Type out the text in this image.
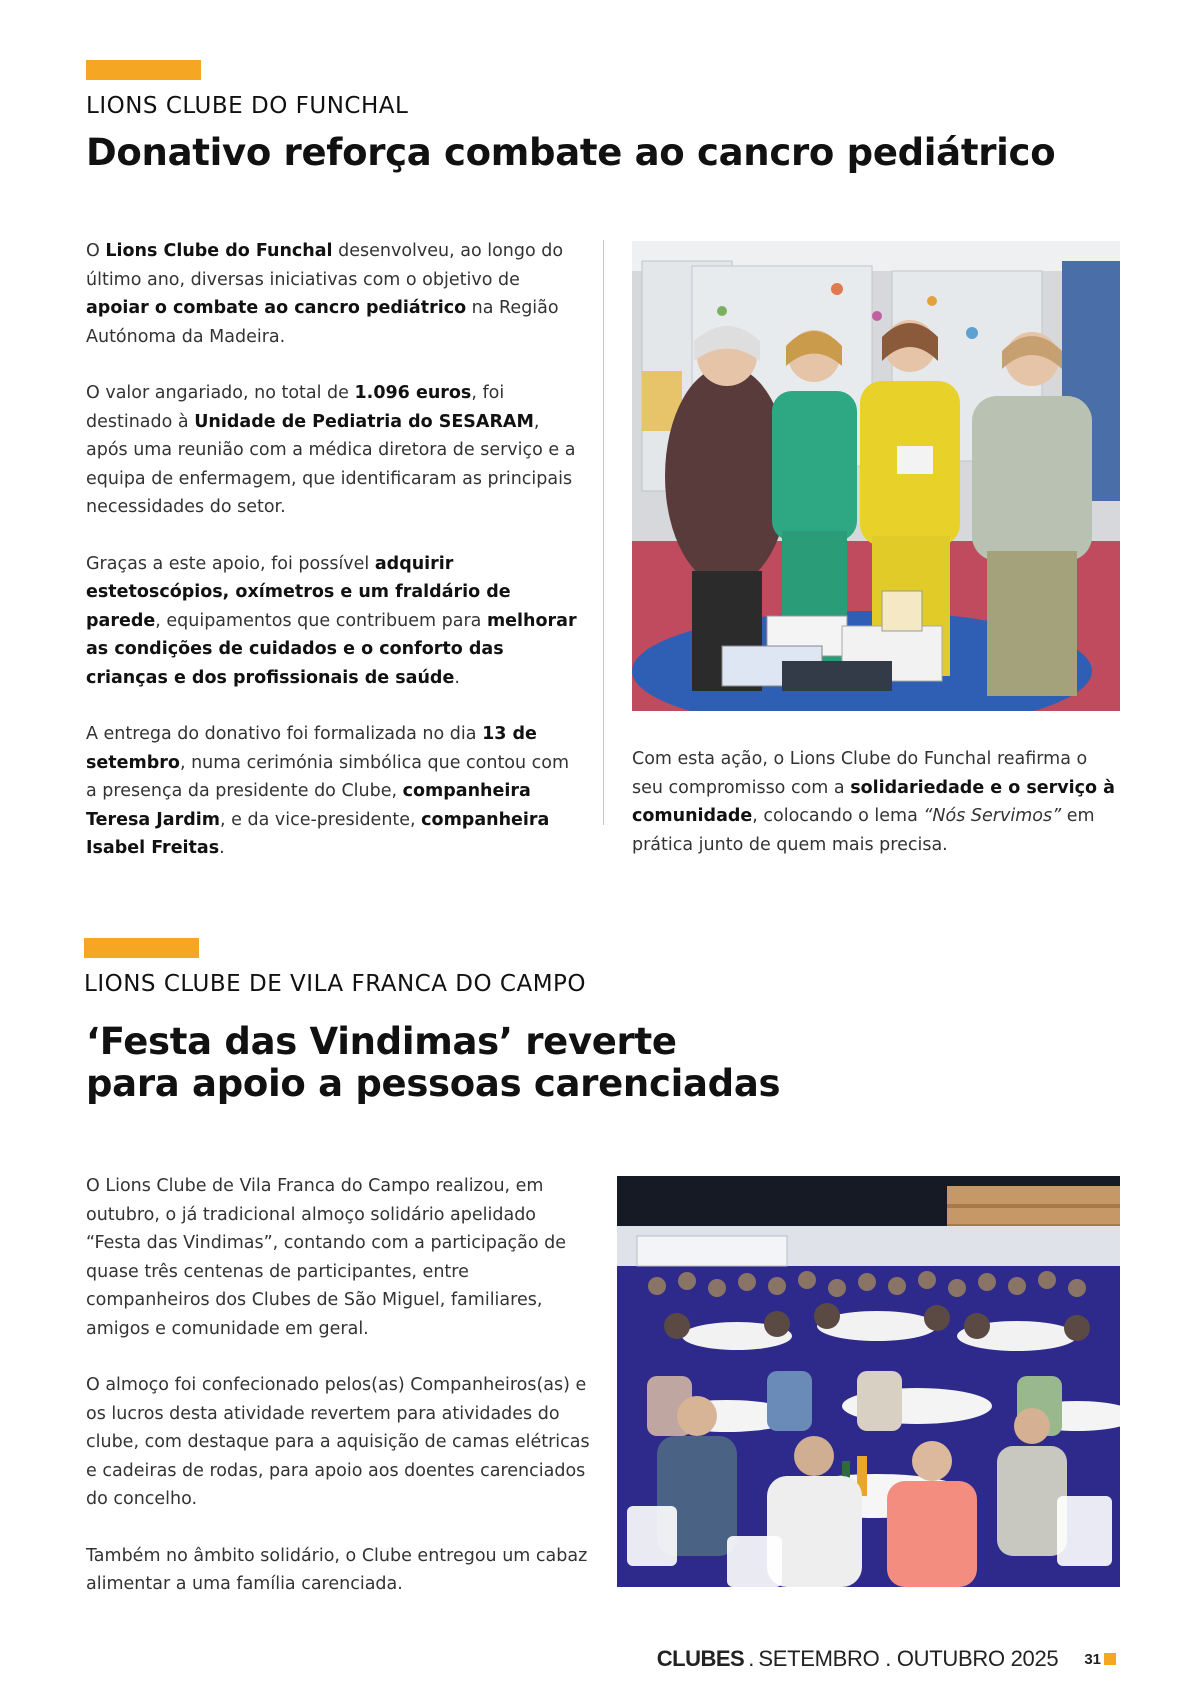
LIONS CLUBE DO FUNCHAL
Donativo reforça combate ao cancro pediátrico

O Lions Clube do Funchal desenvolveu, ao longo do último ano, diversas iniciativas com o objetivo de apoiar o combate ao cancro pediátrico na Região Autónoma da Madeira.

O valor angariado, no total de 1.096 euros, foi destinado à Unidade de Pediatria do SESARAM, após uma reunião com a médica diretora de serviço e a equipa de enfermagem, que identificaram as principais necessidades do setor.

Graças a este apoio, foi possível adquirir estetoscópios, oxímetros e um fraldário de parede, equipamentos que contribuem para melhorar as condições de cuidados e o conforto das crianças e dos profissionais de saúde.

A entrega do donativo foi formalizada no dia 13 de setembro, numa cerimónia simbólica que contou com a presença da presidente do Clube, companheira Teresa Jardim, e da vice-presidente, companheira Isabel Freitas.

Com esta ação, o Lions Clube do Funchal reafirma o seu compromisso com a solidariedade e o serviço à comunidade, colocando o lema “Nós Servimos” em prática junto de quem mais precisa.

LIONS CLUBE DE VILA FRANCA DO CAMPO
‘Festa das Vindimas’ reverte
para apoio a pessoas carenciadas

O Lions Clube de Vila Franca do Campo realizou, em outubro, o já tradicional almoço solidário apelidado “Festa das Vindimas”, contando com a participação de quase três centenas de participantes, entre companheiros dos Clubes de São Miguel, familiares, amigos e comunidade em geral.

O almoço foi confecionado pelos(as) Companheiros(as) e os lucros desta atividade revertem para atividades do clube, com destaque para a aquisição de camas elétricas e cadeiras de rodas, para apoio aos doentes carenciados do concelho.

Também no âmbito solidário, o Clube entregou um cabaz alimentar a uma família carenciada.

CLUBES . SETEMBRO . OUTUBRO 2025 31
